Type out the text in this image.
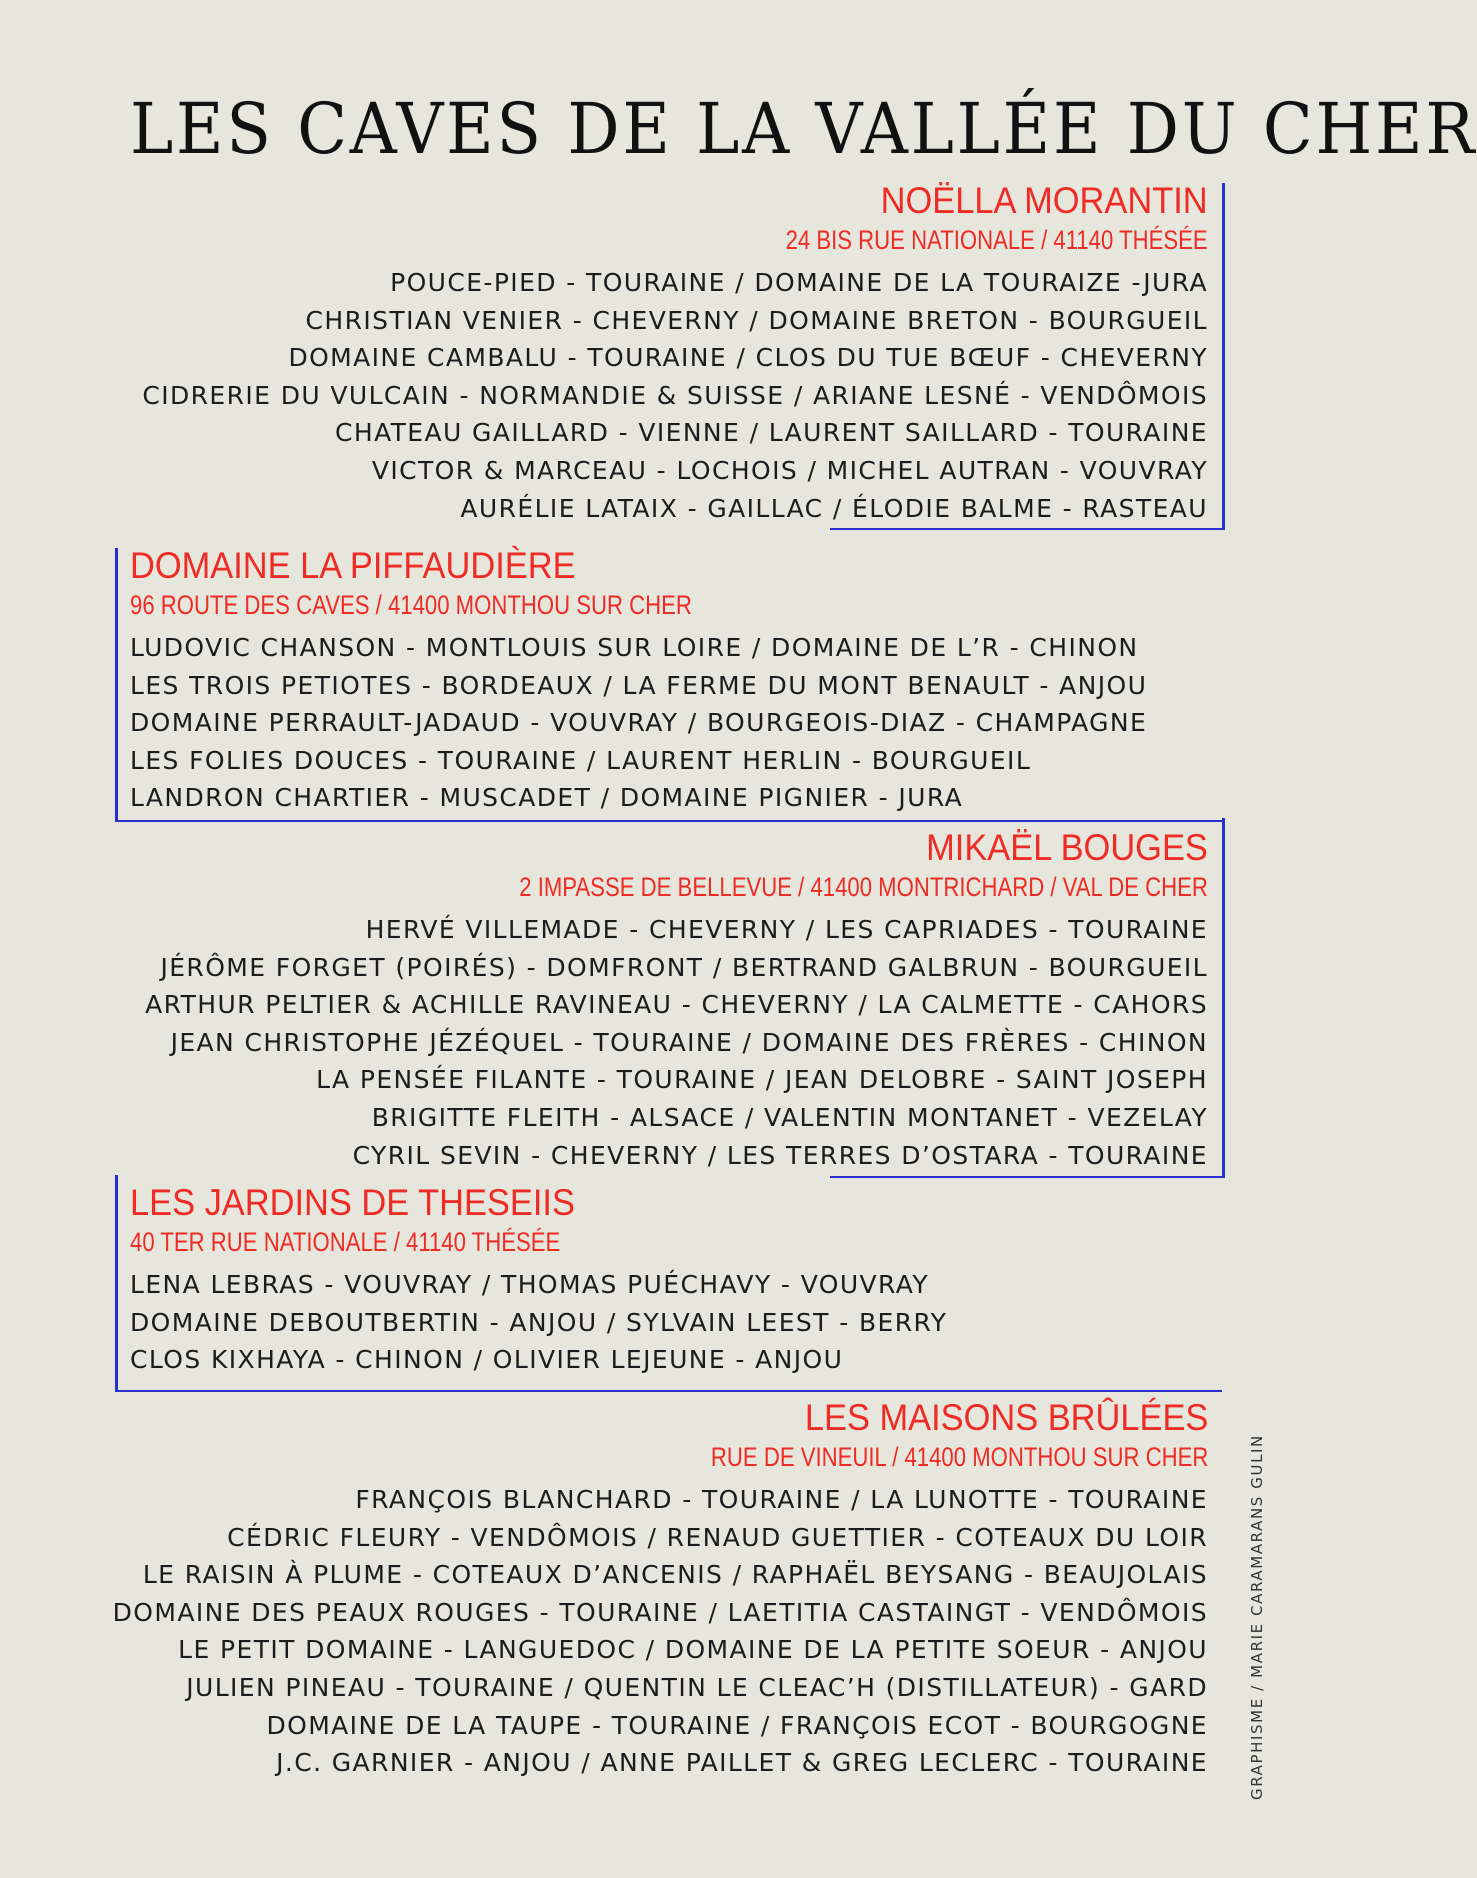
LES CAVES DE LA VALLÉE DU CHER
NOËLLA MORANTIN
24 BIS RUE NATIONALE / 41140 THÉSÉE
POUCE-PIED - TOURAINE / DOMAINE DE LA TOURAIZE -JURA
CHRISTIAN VENIER - CHEVERNY / DOMAINE BRETON - BOURGUEIL
DOMAINE CAMBALU - TOURAINE / CLOS DU TUE BŒUF - CHEVERNY
CIDRERIE DU VULCAIN - NORMANDIE & SUISSE / ARIANE LESNÉ - VENDÔMOIS
CHATEAU GAILLARD - VIENNE / LAURENT SAILLARD - TOURAINE
VICTOR & MARCEAU - LOCHOIS / MICHEL AUTRAN - VOUVRAY
AURÉLIE LATAIX - GAILLAC / ÉLODIE BALME - RASTEAU
DOMAINE LA PIFFAUDIÈRE
96 ROUTE DES CAVES / 41400 MONTHOU SUR CHER
LUDOVIC CHANSON - MONTLOUIS SUR LOIRE / DOMAINE DE L’R - CHINON
LES TROIS PETIOTES - BORDEAUX / LA FERME DU MONT BENAULT - ANJOU
DOMAINE PERRAULT-JADAUD - VOUVRAY / BOURGEOIS-DIAZ - CHAMPAGNE
LES FOLIES DOUCES - TOURAINE / LAURENT HERLIN - BOURGUEIL
LANDRON CHARTIER - MUSCADET / DOMAINE PIGNIER - JURA
MIKAËL BOUGES
2 IMPASSE DE BELLEVUE / 41400 MONTRICHARD / VAL DE CHER
HERVÉ VILLEMADE - CHEVERNY / LES CAPRIADES - TOURAINE
JÉRÔME FORGET (POIRÉS) - DOMFRONT / BERTRAND GALBRUN - BOURGUEIL
ARTHUR PELTIER & ACHILLE RAVINEAU - CHEVERNY / LA CALMETTE - CAHORS
JEAN CHRISTOPHE JÉZÉQUEL - TOURAINE / DOMAINE DES FRÈRES - CHINON
LA PENSÉE FILANTE - TOURAINE / JEAN DELOBRE - SAINT JOSEPH
BRIGITTE FLEITH - ALSACE / VALENTIN MONTANET - VEZELAY
CYRIL SEVIN - CHEVERNY / LES TERRES D’OSTARA - TOURAINE
LES JARDINS DE THESEIIS
40 TER RUE NATIONALE / 41140 THÉSÉE
LENA LEBRAS - VOUVRAY / THOMAS PUÉCHAVY - VOUVRAY
DOMAINE DEBOUTBERTIN - ANJOU / SYLVAIN LEEST - BERRY
CLOS KIXHAYA - CHINON / OLIVIER LEJEUNE - ANJOU
LES MAISONS BRÛLÉES
RUE DE VINEUIL / 41400 MONTHOU SUR CHER
FRANÇOIS BLANCHARD - TOURAINE / LA LUNOTTE - TOURAINE
CÉDRIC FLEURY - VENDÔMOIS / RENAUD GUETTIER - COTEAUX DU LOIR
LE RAISIN À PLUME - COTEAUX D’ANCENIS / RAPHAËL BEYSANG - BEAUJOLAIS
DOMAINE DES PEAUX ROUGES - TOURAINE / LAETITIA CASTAINGT - VENDÔMOIS
LE PETIT DOMAINE - LANGUEDOC / DOMAINE DE LA PETITE SOEUR - ANJOU
JULIEN PINEAU - TOURAINE / QUENTIN LE CLEAC’H (DISTILLATEUR) - GARD
DOMAINE DE LA TAUPE - TOURAINE / FRANÇOIS ECOT - BOURGOGNE
J.C. GARNIER - ANJOU / ANNE PAILLET & GREG LECLERC - TOURAINE	GRAPHISME / MARIE CARAMARANS GULIN
